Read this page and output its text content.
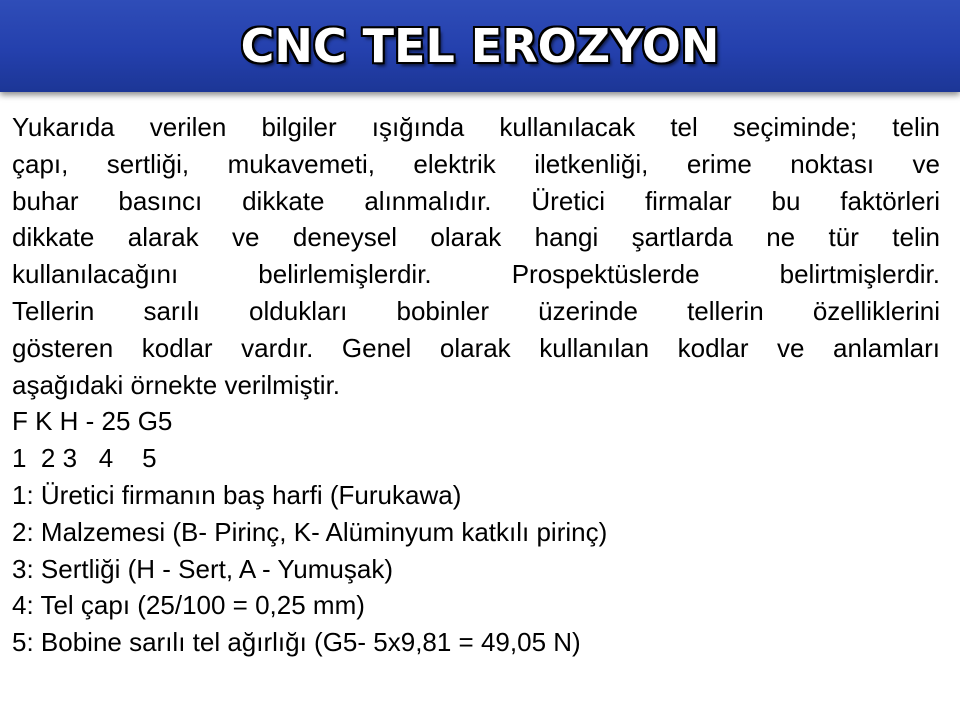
CNC TEL EROZYON
Yukarıda verilen bilgiler ışığında kullanılacak tel seçiminde; telin
çapı, sertliği, mukavemeti, elektrik iletkenliği, erime noktası ve
buhar basıncı dikkate alınmalıdır. Üretici firmalar bu faktörleri
dikkate alarak ve deneysel olarak hangi şartlarda ne tür telin
kullanılacağını belirlemişlerdir. Prospektüslerde belirtmişlerdir.
Tellerin sarılı oldukları bobinler üzerinde tellerin özelliklerini
gösteren kodlar vardır. Genel olarak kullanılan kodlar ve anlamları
aşağıdaki örnekte verilmiştir.
F K H - 25 G5
1  2 3   4    5
1: Üretici firmanın baş harfi (Furukawa)
2: Malzemesi (B- Pirinç, K- Alüminyum katkılı pirinç)
3: Sertliği (H - Sert, A - Yumuşak)
4: Tel çapı (25/100 = 0,25 mm)
5: Bobine sarılı tel ağırlığı (G5- 5x9,81 = 49,05 N)
